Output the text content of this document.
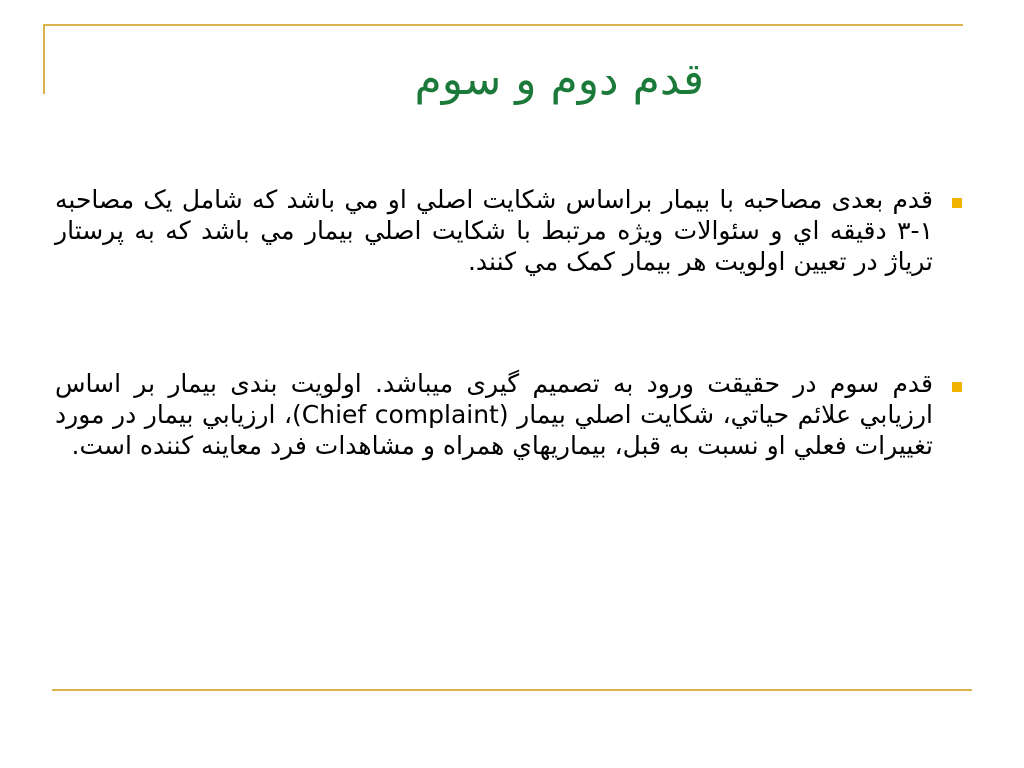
قدم دوم و سوم
قدم بعدی مصاحبه با بيمار براساس شکايت اصلي او مي باشد که شامل يک مصاحبه ۱-۳ دقيقه اي و سئوالات ويژه مرتبط با شکايت اصلي بيمار مي باشد که به پرستار ترياژ در تعيين اولويت هر بيمار کمک مي کنند.
قدم سوم در حقيقت ورود به تصميم گيری ميباشد. اولويت بندی بيمار بر اساس ارزيابي علائم حياتي، شکايت اصلي بيمار (Chief complaint)، ارزيابي بيمار در مورد تغييرات فعلي او نسبت به قبل، بيماريهاي همراه و مشاهدات فرد معاينه کننده است.
